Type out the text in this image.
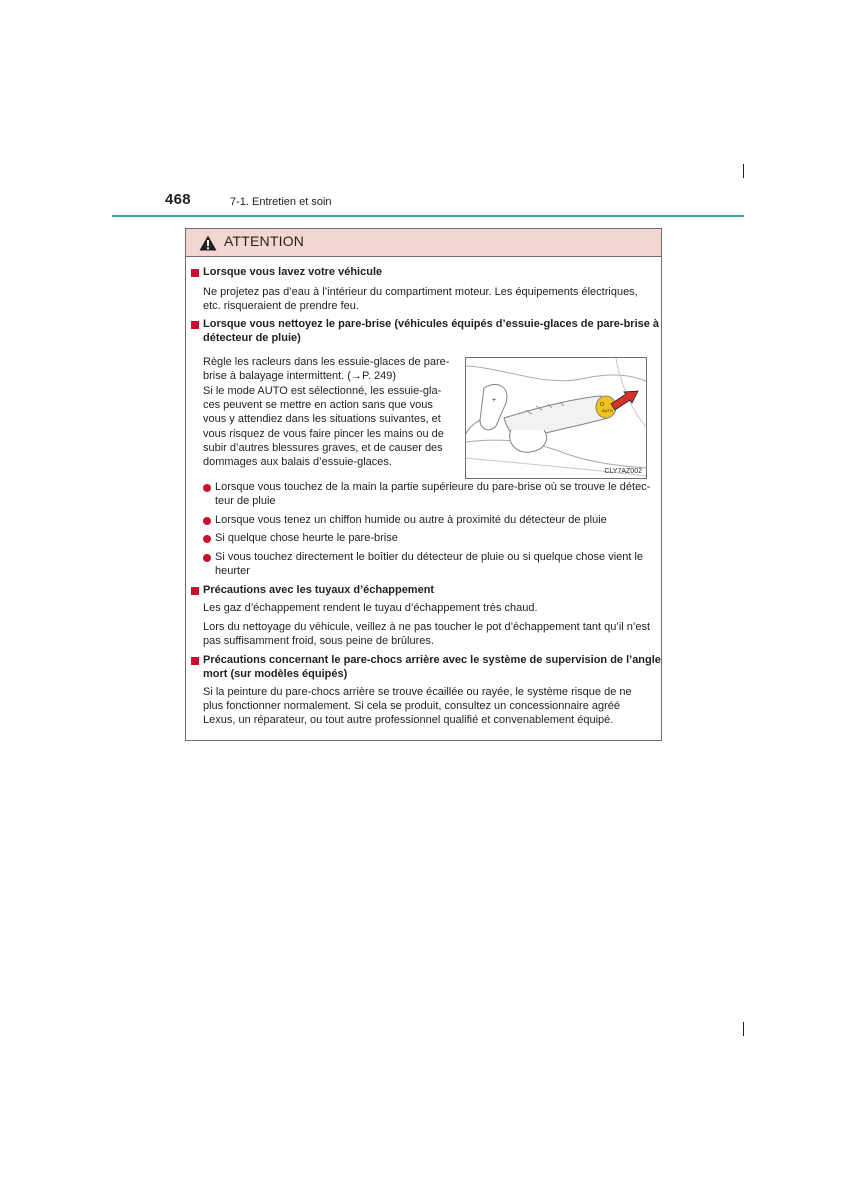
468	7-1. Entretien et soin
ATTENTION
Lorsque vous lavez votre véhicule
Ne projetez pas d’eau à l’intérieur du compartiment moteur. Les équipements électriques,
etc. risqueraient de prendre feu.
Lorsque vous nettoyez le pare-brise (véhicules équipés d’essuie-glaces de pare-brise à
détecteur de pluie)
Règle les racleurs dans les essuie-glaces de pare-
brise à balayage intermittent. (→P. 249)
Si le mode AUTO est sélectionné, les essuie-gla-
ces peuvent se mettre en action sans que vous
vous y attendiez dans les situations suivantes, et
vous risquez de vous faire pincer les mains ou de
subir d’autres blessures graves, et de causer des
dommages aux balais d’essuie-glaces.
+
O
AUTO
CLY7AZ002
Lorsque vous touchez de la main la partie supérieure du pare-brise où se trouve le détec-
teur de pluie
Lorsque vous tenez un chiffon humide ou autre à proximité du détecteur de pluie
Si quelque chose heurte le pare-brise
Si vous touchez directement le boîtier du détecteur de pluie ou si quelque chose vient le
heurter
Précautions avec les tuyaux d’échappement
Les gaz d’échappement rendent le tuyau d’échappement très chaud.
Lors du nettoyage du véhicule, veillez à ne pas toucher le pot d’échappement tant qu’il n’est
pas suffisamment froid, sous peine de brûlures.
Précautions concernant le pare-chocs arrière avec le système de supervision de l’angle
mort (sur modèles équipés)
Si la peinture du pare-chocs arrière se trouve écaillée ou rayée, le système risque de ne
plus fonctionner normalement. Si cela se produit, consultez un concessionnaire agréé
Lexus, un réparateur, ou tout autre professionnel qualifié et convenablement équipé.
